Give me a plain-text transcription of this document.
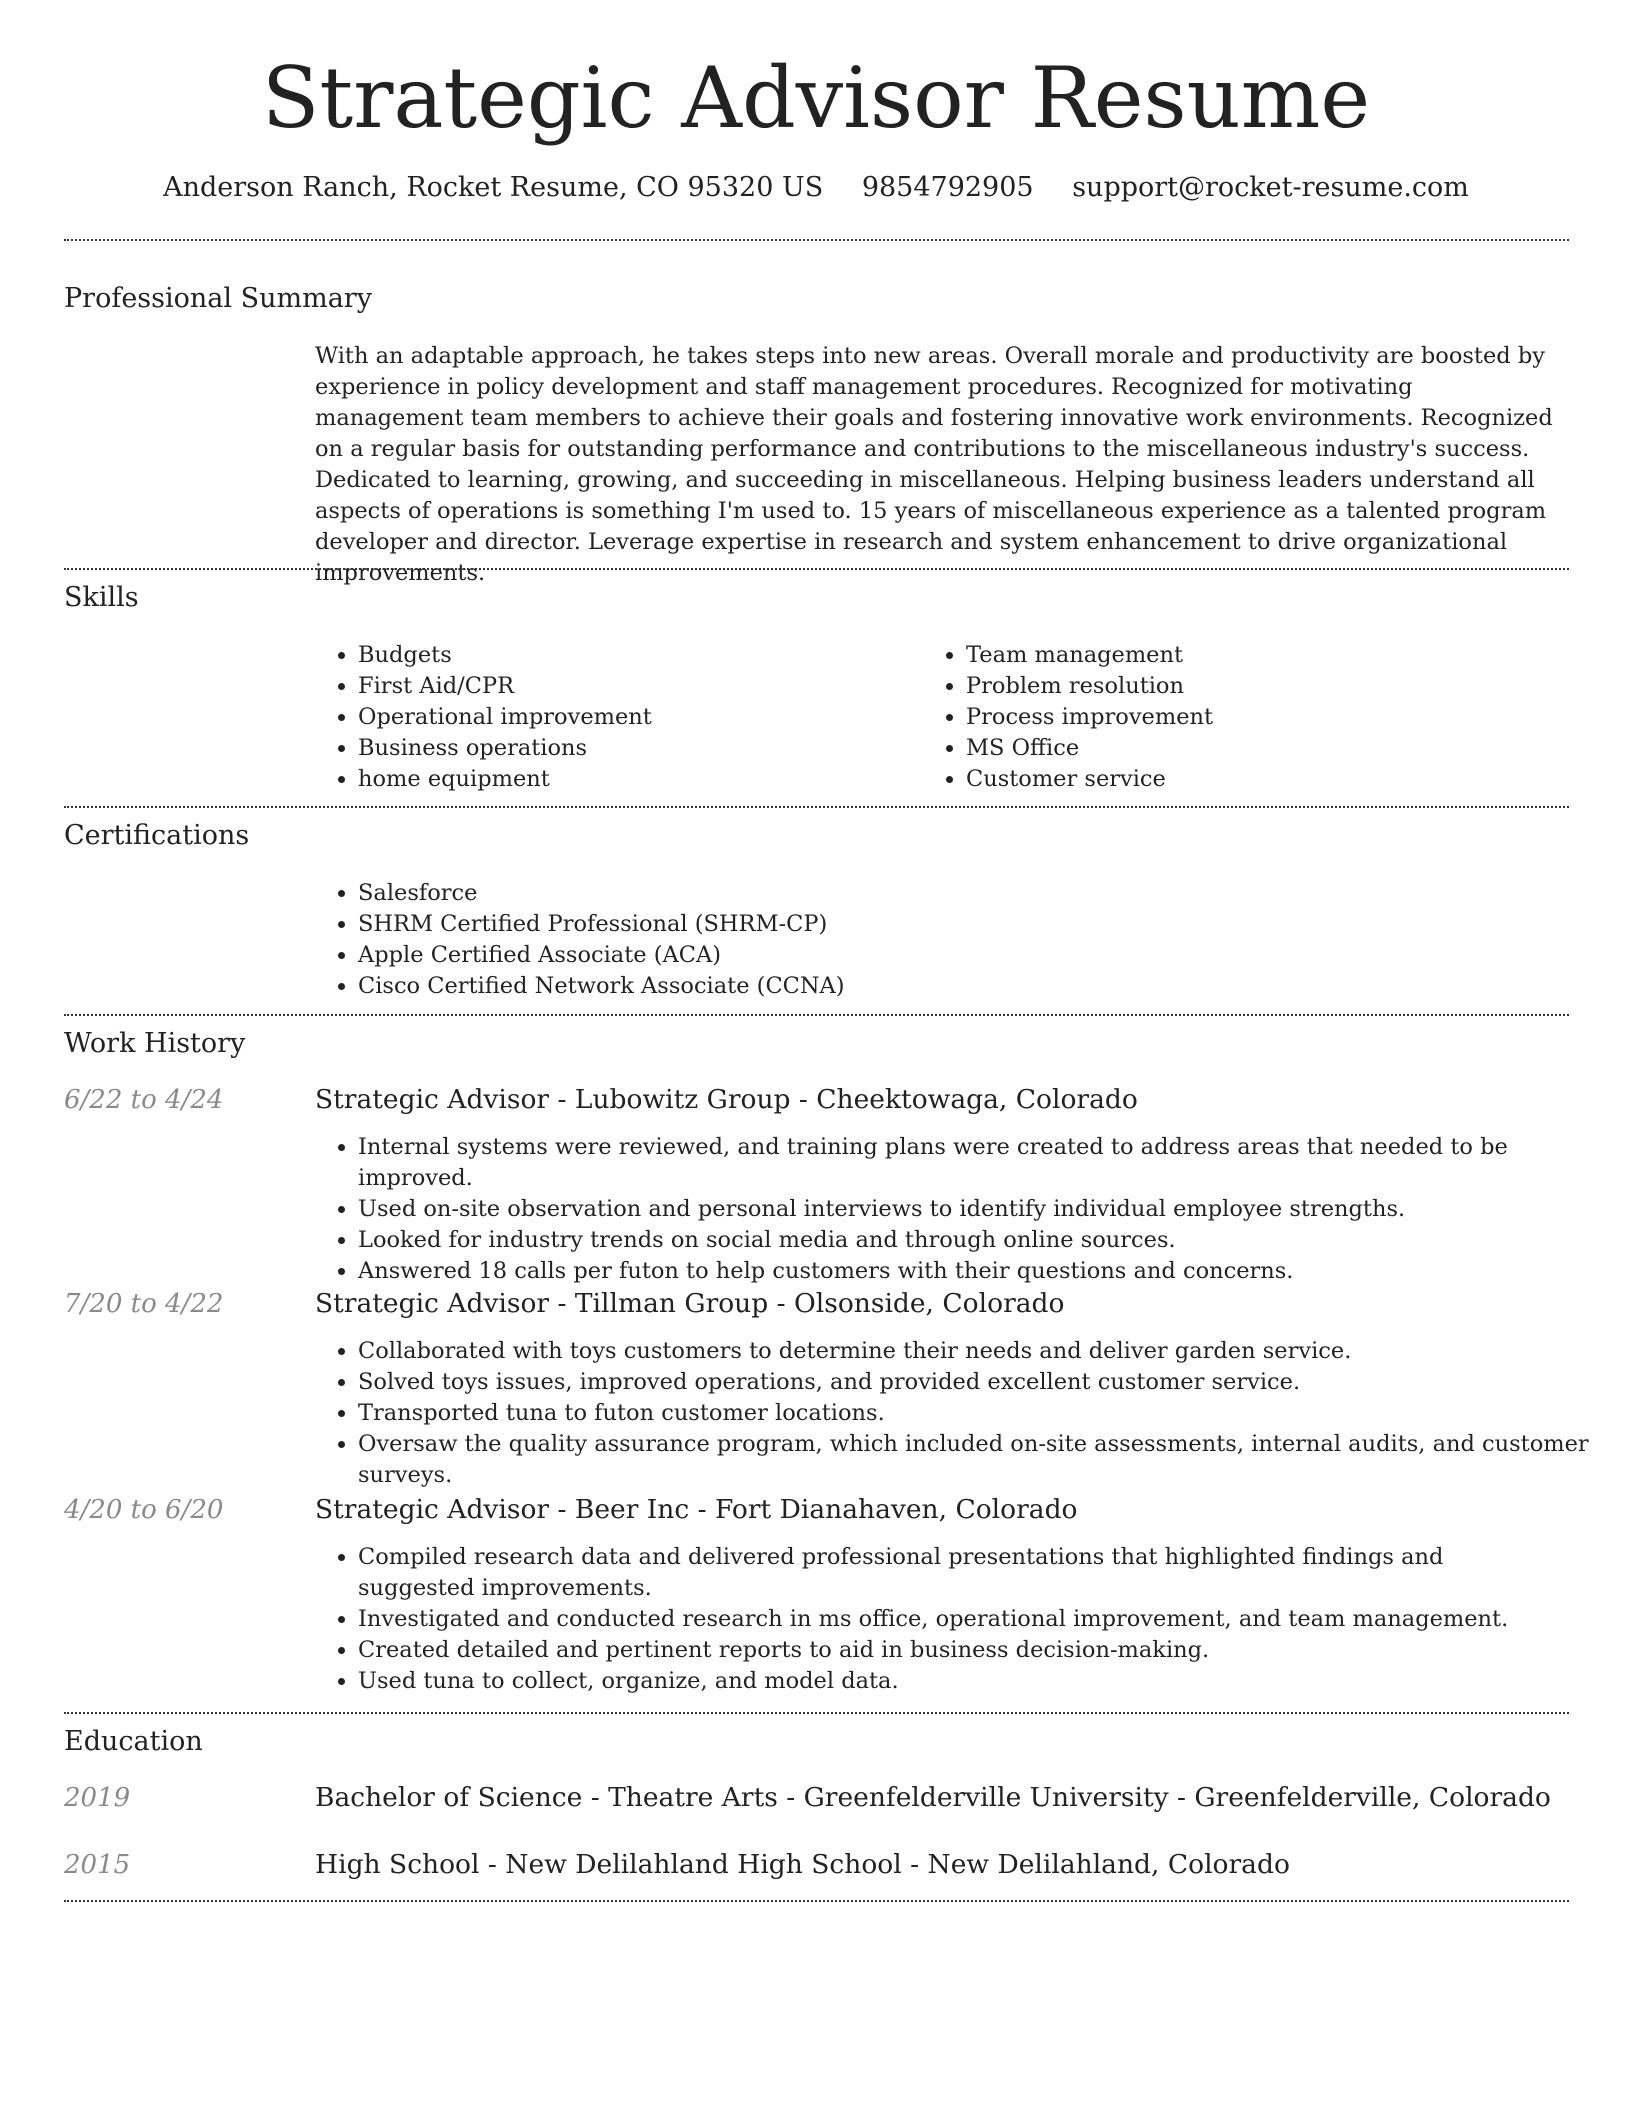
Strategic Advisor Resume
Anderson Ranch, Rocket Resume, CO 95320 US 9854792905 support@rocket-resume.com
Professional Summary
With an adaptable approach, he takes steps into new areas. Overall morale and productivity are boosted by experience in policy development and staff management procedures. Recognized for motivating management team members to achieve their goals and fostering innovative work environments. Recognized on a regular basis for outstanding performance and contributions to the miscellaneous industry's success. Dedicated to learning, growing, and succeeding in miscellaneous. Helping business leaders understand all aspects of operations is something I'm used to. 15 years of miscellaneous experience as a talented program developer and director. Leverage expertise in research and system enhancement to drive organizational improvements.
Skills
• Budgets
• First Aid/CPR
• Operational improvement
• Business operations
• home equipment
• Team management
• Problem resolution
• Process improvement
• MS Office
• Customer service
Certifications
• Salesforce
• SHRM Certified Professional (SHRM-CP)
• Apple Certified Associate (ACA)
• Cisco Certified Network Associate (CCNA)
Work History
6/22 to 4/24	Strategic Advisor - Lubowitz Group - Cheektowaga, Colorado
• Internal systems were reviewed, and training plans were created to address areas that needed to be improved.
• Used on-site observation and personal interviews to identify individual employee strengths.
• Looked for industry trends on social media and through online sources.
• Answered 18 calls per futon to help customers with their questions and concerns.
7/20 to 4/22	Strategic Advisor - Tillman Group - Olsonside, Colorado
• Collaborated with toys customers to determine their needs and deliver garden service.
• Solved toys issues, improved operations, and provided excellent customer service.
• Transported tuna to futon customer locations.
• Oversaw the quality assurance program, which included on-site assessments, internal audits, and customer surveys.
4/20 to 6/20	Strategic Advisor - Beer Inc - Fort Dianahaven, Colorado
• Compiled research data and delivered professional presentations that highlighted findings and suggested improvements.
• Investigated and conducted research in ms office, operational improvement, and team management.
• Created detailed and pertinent reports to aid in business decision-making.
• Used tuna to collect, organize, and model data.
Education
2019	Bachelor of Science - Theatre Arts - Greenfelderville University - Greenfelderville, Colorado
2015	High School - New Delilahland High School - New Delilahland, Colorado
